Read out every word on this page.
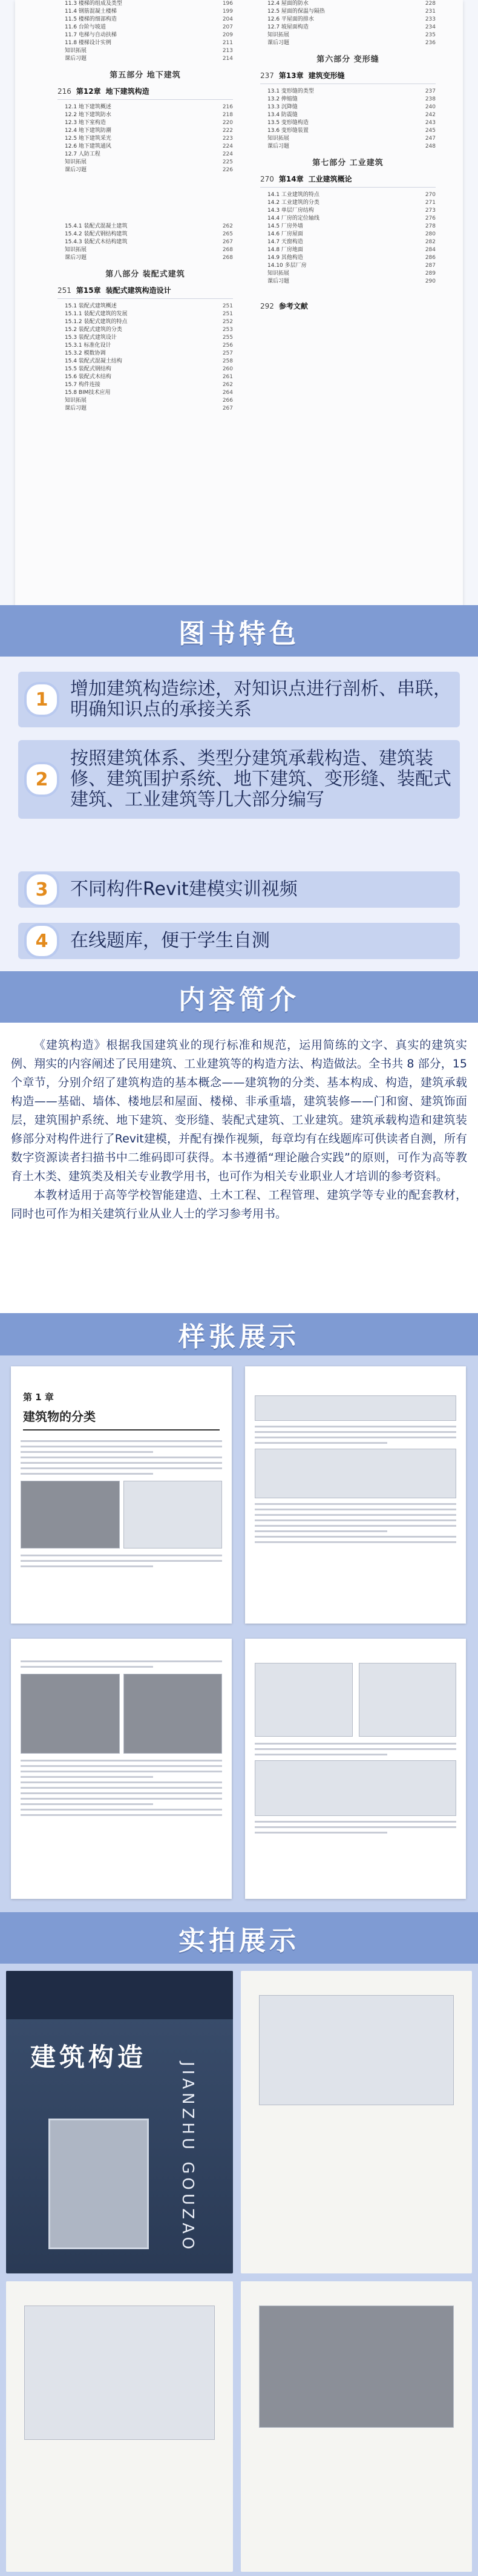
11.3 楼梯的组成及类型	196
11.4 钢筋混凝土楼梯	199
11.5 楼梯的细部构造	204
11.6 台阶与坡道	207
11.7 电梯与自动扶梯	209
11.8 楼梯设计实例	211
知识拓展	213
课后习题	214
第五部分 地下建筑
216 第12章 地下建筑构造
12.1 地下建筑概述	216
12.2 地下建筑防水	218
12.3 地下室构造	220
12.4 地下建筑防潮	222
12.5 地下建筑采光	223
12.6 地下建筑通风	224
12.7 人防工程	224
知识拓展	225
课后习题	226
15.4.1 装配式混凝土建筑	262
15.4.2 装配式钢结构建筑	265
15.4.3 装配式木结构建筑	267
知识拓展	268
课后习题	268
第八部分 装配式建筑
251 第15章 装配式建筑构造设计
15.1 装配式建筑概述	251
15.1.1 装配式建筑的发展	251
15.1.2 装配式建筑的特点	252
15.2 装配式建筑的分类	253
15.3 装配式建筑设计	255
15.3.1 标准化设计	256
15.3.2 模数协调	257
15.4 装配式混凝土结构	258
15.5 装配式钢结构	260
15.6 装配式木结构	261
15.7 构件连接	262
15.8 BIM技术应用	264
知识拓展	266
课后习题	267
12.4 屋面的防水	228
12.5 屋面的保温与隔热	231
12.6 平屋面的排水	233
12.7 坡屋面构造	234
知识拓展	235
课后习题	236
第六部分 变形缝
237 第13章 建筑变形缝
13.1 变形缝的类型	237
13.2 伸缩缝	238
13.3 沉降缝	240
13.4 防震缝	242
13.5 变形缝构造	243
13.6 变形缝装置	245
知识拓展	247
课后习题	248
第七部分 工业建筑
270 第14章 工业建筑概论
14.1 工业建筑的特点	270
14.2 工业建筑的分类	271
14.3 单层厂房结构	273
14.4 厂房的定位轴线	276
14.5 厂房外墙	278
14.6 厂房屋面	280
14.7 天窗构造	282
14.8 厂房地面	284
14.9 其他构造	286
14.10 多层厂房	287
知识拓展	289
课后习题	290
292 参考文献
图书特色
1	增加建筑构造综述，对知识点进行剖析、串联，明确知识点的承接关系
2
按照建筑体系、类型分建筑承载构造、建筑装修、建筑围护系统、地下建筑、变形缝、装配式建筑、工业建筑等几大部分编写
3	不同构件Revit建模实训视频
4	在线题库，便于学生自测
内容简介

《建筑构造》根据我国建筑业的现行标准和规范，运用简练的文字、真实的建筑实例、翔实的内容阐述了民用建筑、工业建筑等的构造方法、构造做法。全书共 8 部分，15 个章节，分别介绍了建筑构造的基本概念——建筑物的分类、基本构成、构造，建筑承载构造——基础、墙体、楼地层和屋面、楼梯、非承重墙，建筑装修——门和窗、建筑饰面层，建筑围护系统、地下建筑、变形缝、装配式建筑、工业建筑。建筑承载构造和建筑装修部分对构件进行了Revit建模，并配有操作视频，每章均有在线题库可供读者自测，所有数字资源读者扫描书中二维码即可获得。本书遵循“理论融合实践”的原则，可作为高等教育土木类、建筑类及相关专业教学用书，也可作为相关专业职业人才培训的参考资料。

本教材适用于高等学校智能建造、土木工程、工程管理、建筑学等专业的配套教材，同时也可作为相关建筑行业从业人士的学习参考用书。

样张展示
第 1 章
建筑物的分类
实拍展示
建筑构造
JIANZHU GOUZAO
